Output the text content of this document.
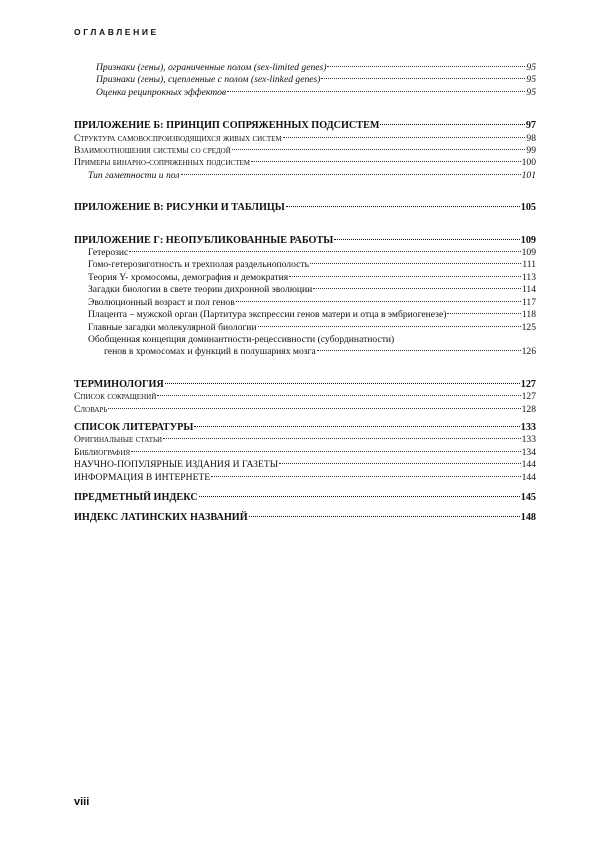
ОГЛАВЛЕНИЕ
Признаки (гены), ограниченные полом (sex-limited genes)	95
Признаки (гены), сцепленные с полом (sex-linked genes)	95
Оценка реципрокных эффектов	95
ПРИЛОЖЕНИЕ Б: ПРИНЦИП СОПРЯЖЕННЫХ ПОДСИСТЕМ	97
Структура самовоспроизводящихся живых систем	98
Взаимоотношения системы со средой	99
Примеры бинарно-сопряженных подсистем	100
Тип гаметности и пол	101
ПРИЛОЖЕНИЕ В: РИСУНКИ И ТАБЛИЦЫ	105
ПРИЛОЖЕНИЕ Г: НЕОПУБЛИКОВАННЫЕ РАБОТЫ	109
Гетерозис	109
Гомо-гетерозиготность и трехполая раздельнополость	111
Теория Y- хромосомы, демография и демократия	113
Загадки биологии в свете теории дихронной эволюции	114
Эволюционный возраст и пол генов	117
Плацента – мужской орган (Партитура экспрессии генов матери и отца в эмбриогенезе)	118
Главные загадки молекулярной биологии	125
Обобщенная концепция доминантности-рецессивности (субординатности)
генов в хромосомах и функций в полушариях мозга	126
ТЕРМИНОЛОГИЯ	127
Список сокращений	127
Словарь	128
СПИСОК ЛИТЕРАТУРЫ	133
Оригинальные статьи	133
Библиография	134
НАУЧНО-ПОПУЛЯРНЫЕ ИЗДАНИЯ И ГАЗЕТЫ	144
ИНФОРМАЦИЯ В ИНТЕРНЕТЕ	144
ПРЕДМЕТНЫЙ ИНДЕКС	145
ИНДЕКС ЛАТИНСКИХ НАЗВАНИЙ	148
viii
